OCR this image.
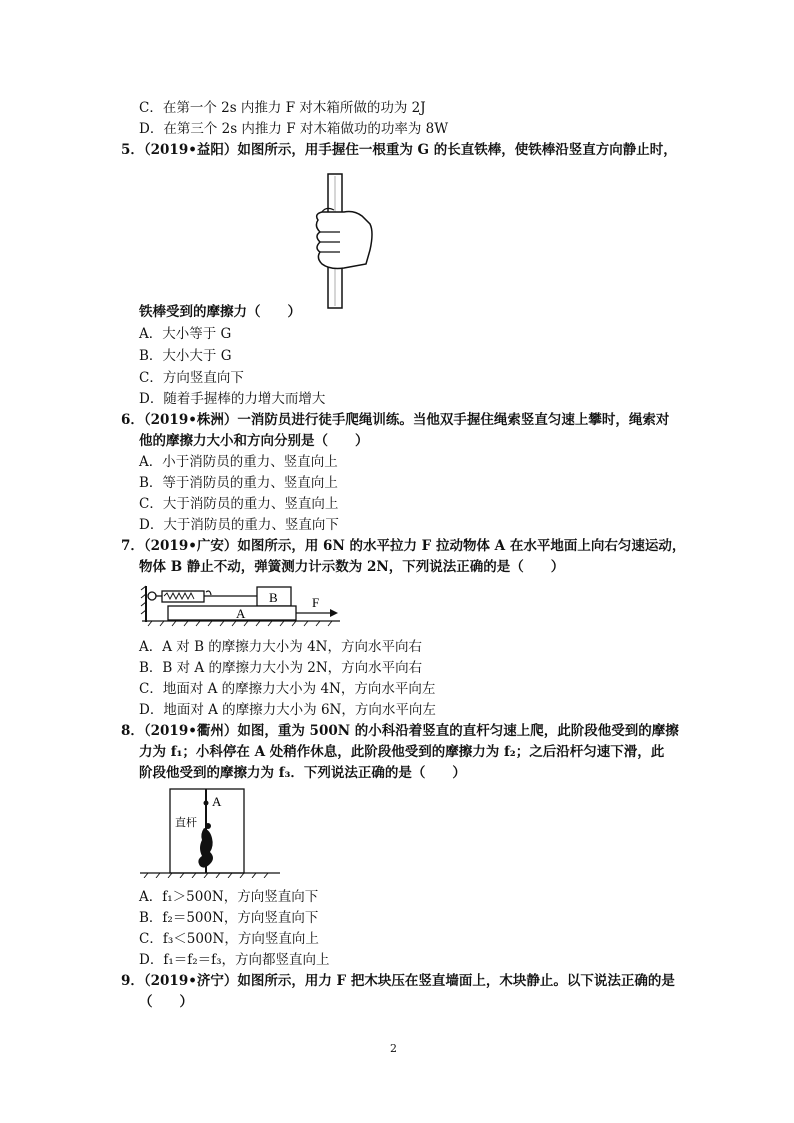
C．在第一个 2s 内推力 F 对木箱所做的功为 2J
D．在第三个 2s 内推力 F 对木箱做功的功率为 8W
5．（2019•益阳）如图所示，用手握住一根重为 G 的长直铁棒，使铁棒沿竖直方向静止时，
铁棒受到的摩擦力（　　）
A．大小等于 G
B．大小大于 G
C．方向竖直向下
D．随着手握棒的力增大而增大
6．（2019•株洲）一消防员进行徒手爬绳训练。当他双手握住绳索竖直匀速上攀时，绳索对
他的摩擦力大小和方向分别是（　　）
A．小于消防员的重力、竖直向上
B．等于消防员的重力、竖直向上
C．大于消防员的重力、竖直向上
D．大于消防员的重力、竖直向下
7．（2019•广安）如图所示，用 6N 的水平拉力 F 拉动物体 A 在水平地面上向右匀速运动，
物体 B 静止不动，弹簧测力计示数为 2N，下列说法正确的是（　　）
B
A
F
A．A 对 B 的摩擦力大小为 4N，方向水平向右
B．B 对 A 的摩擦力大小为 2N，方向水平向右
C．地面对 A 的摩擦力大小为 4N，方向水平向左
D．地面对 A 的摩擦力大小为 6N，方向水平向左
8．（2019•衢州）如图，重为 500N 的小科沿着竖直的直杆匀速上爬，此阶段他受到的摩擦
力为 f₁；小科停在 A 处稍作休息，此阶段他受到的摩擦力为 f₂；之后沿杆匀速下滑，此
阶段他受到的摩擦力为 f₃．下列说法正确的是（　　）
A
直杆
A．f₁＞500N，方向竖直向下
B．f₂＝500N，方向竖直向下
C．f₃＜500N，方向竖直向上
D．f₁＝f₂＝f₃，方向都竖直向上
9．（2019•济宁）如图所示，用力 F 把木块压在竖直墙面上，木块静止。以下说法正确的是
（　　）
2
